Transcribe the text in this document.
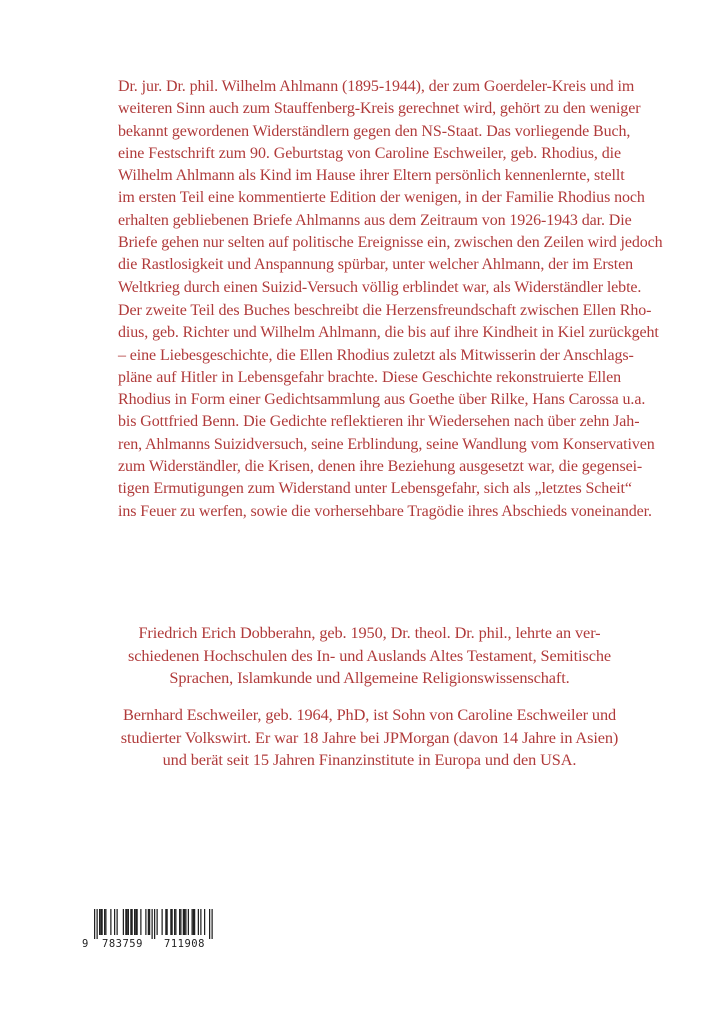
Dr. jur. Dr. phil. Wilhelm Ahlmann (1895-1944), der zum Goerdeler-Kreis und im
weiteren Sinn auch zum Stauffenberg-Kreis gerechnet wird, gehört zu den weniger
bekannt gewordenen Widerständlern gegen den NS-Staat. Das vorliegende Buch,
eine Festschrift zum 90. Geburtstag von Caroline Eschweiler, geb. Rhodius, die
Wilhelm Ahlmann als Kind im Hause ihrer Eltern persönlich kennenlernte, stellt
im ersten Teil eine kommentierte Edition der wenigen, in der Familie Rhodius noch
erhalten gebliebenen Briefe Ahlmanns aus dem Zeitraum von 1926-1943 dar. Die
Briefe gehen nur selten auf politische Ereignisse ein, zwischen den Zeilen wird jedoch
die Rastlosigkeit und Anspannung spürbar, unter welcher Ahlmann, der im Ersten
Weltkrieg durch einen Suizid-Versuch völlig erblindet war, als Widerständler lebte.
Der zweite Teil des Buches beschreibt die Herzensfreundschaft zwischen Ellen Rho-
dius, geb. Richter und Wilhelm Ahlmann, die bis auf ihre Kindheit in Kiel zurückgeht
– eine Liebesgeschichte, die Ellen Rhodius zuletzt als Mitwisserin der Anschlags-
pläne auf Hitler in Lebensgefahr brachte. Diese Geschichte rekonstruierte Ellen
Rhodius in Form einer Gedichtsammlung aus Goethe über Rilke, Hans Carossa u.a.
bis Gottfried Benn. Die Gedichte reflektieren ihr Wiedersehen nach über zehn Jah-
ren, Ahlmanns Suizidversuch, seine Erblindung, seine Wandlung vom Konservativen
zum Widerständler, die Krisen, denen ihre Beziehung ausgesetzt war, die gegensei-
tigen Ermutigungen zum Widerstand unter Lebensgefahr, sich als „letztes Scheit“
ins Feuer zu werfen, sowie die vorhersehbare Tragödie ihres Abschieds voneinander.
Friedrich Erich Dobberahn, geb. 1950, Dr. theol. Dr. phil., lehrte an ver-
schiedenen Hochschulen des In- und Auslands Altes Testament, Semitische
Sprachen, Islamkunde und Allgemeine Religionswissenschaft.
Bernhard Eschweiler, geb. 1964, PhD, ist Sohn von Caroline Eschweiler und
studierter Volkswirt. Er war 18 Jahre bei JPMorgan (davon 14 Jahre in Asien)
und berät seit 15 Jahren Finanzinstitute in Europa und den USA.
9 783759 711908
